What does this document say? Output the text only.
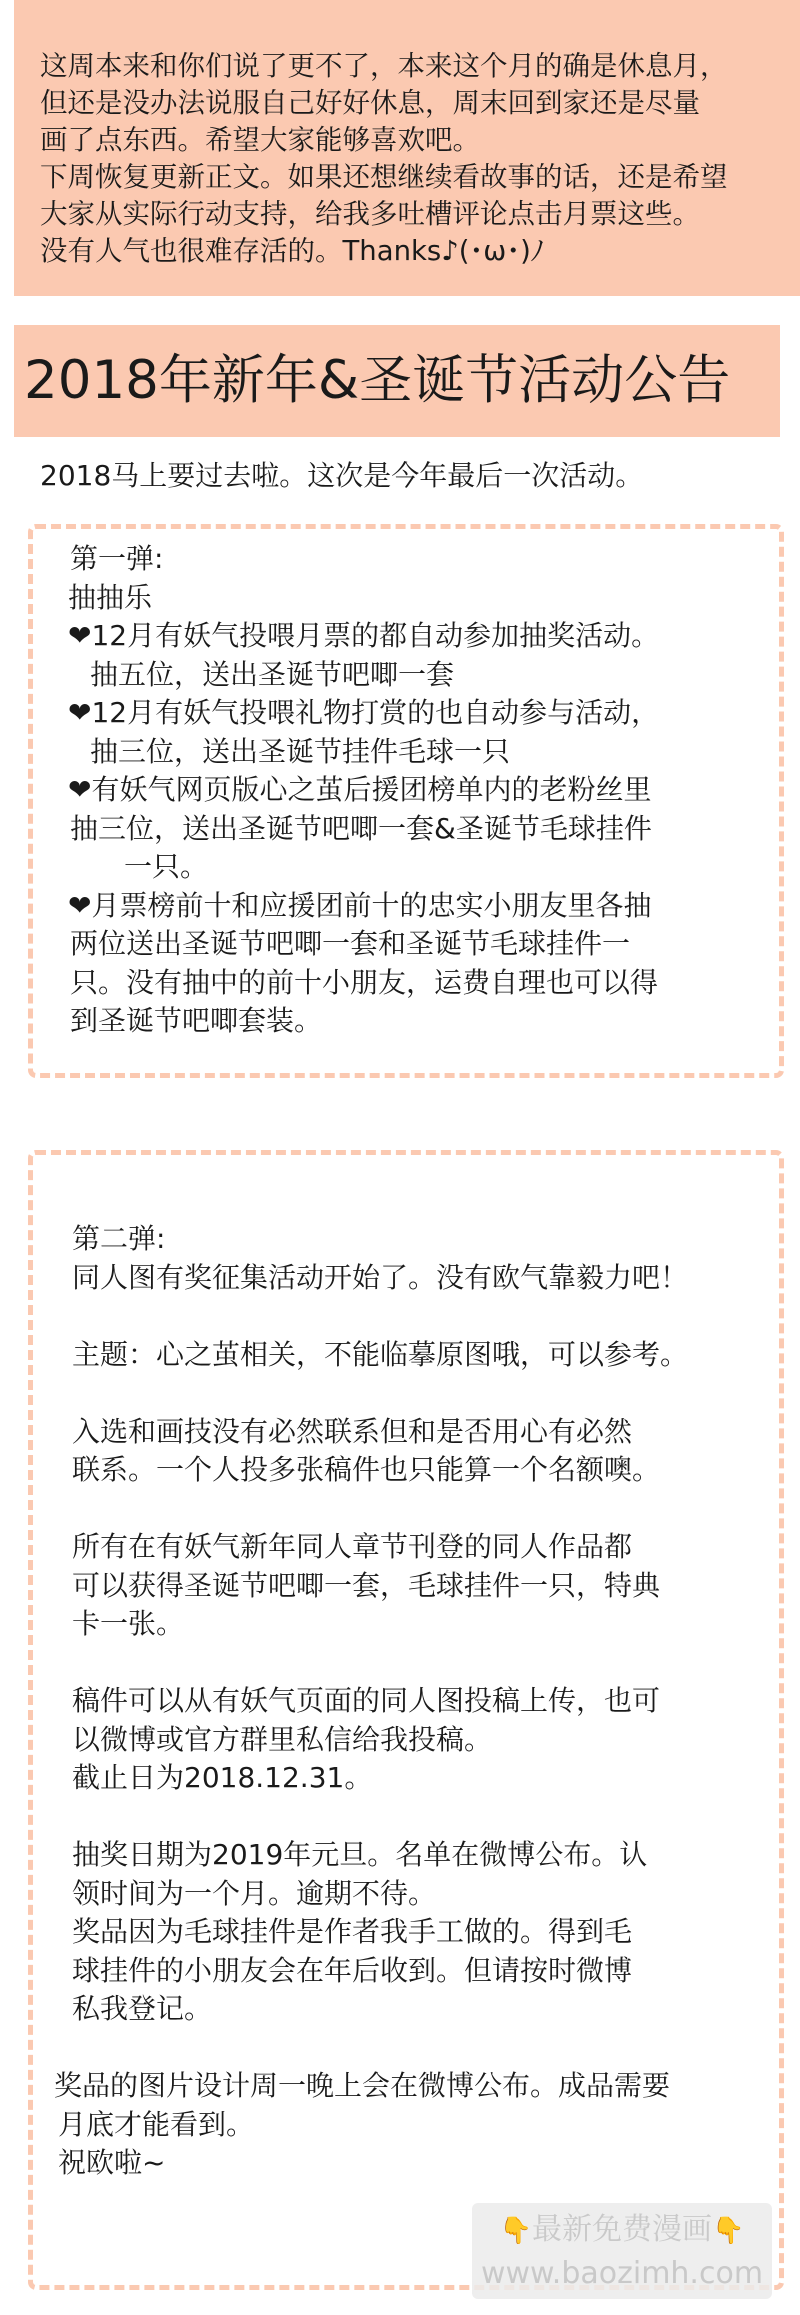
这周本来和你们说了更不了，本来这个月的确是休息月，
但还是没办法说服自己好好休息，周末回到家还是尽量
画了点东西。希望大家能够喜欢吧。
下周恢复更新正文。如果还想继续看故事的话，还是希望
大家从实际行动支持，给我多吐槽评论点击月票这些。
没有人气也很难存活的。Thanks♪(･ω･)ﾉ
2018年新年&圣诞节活动公告
2018马上要过去啦。这次是今年最后一次活动。
第一弹:
抽抽乐
❤12月有妖气投喂月票的都自动参加抽奖活动。
抽五位，送出圣诞节吧唧一套
❤12月有妖气投喂礼物打赏的也自动参与活动，
抽三位，送出圣诞节挂件毛球一只
❤有妖气网页版心之茧后援团榜单内的老粉丝里
抽三位，送出圣诞节吧唧一套&圣诞节毛球挂件
一只。
❤月票榜前十和应援团前十的忠实小朋友里各抽
两位送出圣诞节吧唧一套和圣诞节毛球挂件一
只。没有抽中的前十小朋友，运费自理也可以得
到圣诞节吧唧套装。
第二弹:
同人图有奖征集活动开始了。没有欧气靠毅力吧！
主题：心之茧相关，不能临摹原图哦，可以参考。
入选和画技没有必然联系但和是否用心有必然
联系。一个人投多张稿件也只能算一个名额噢。
所有在有妖气新年同人章节刊登的同人作品都
可以获得圣诞节吧唧一套，毛球挂件一只，特典
卡一张。
稿件可以从有妖气页面的同人图投稿上传，也可
以微博或官方群里私信给我投稿。
截止日为2018.12.31。
抽奖日期为2019年元旦。名单在微博公布。认
领时间为一个月。逾期不待。
奖品因为毛球挂件是作者我手工做的。得到毛
球挂件的小朋友会在年后收到。但请按时微博
私我登记。
奖品的图片设计周一晚上会在微博公布。成品需要
月底才能看到。
祝欧啦~
👇最新免费漫画👇
www.baozimh.com
